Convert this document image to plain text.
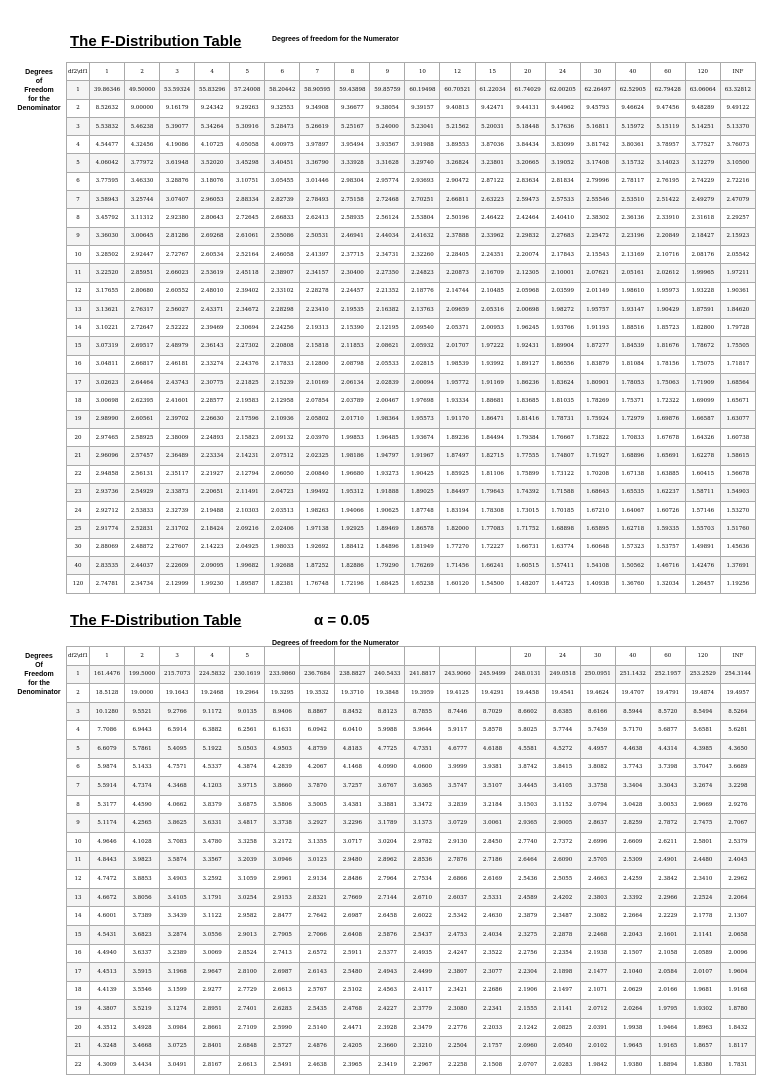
The F-Distribution Table	Degrees of freedom for the Numerator
Degrees
of
Freedom
for the
Denominator
df2\df1	1	2	3	4	5	6	7	8	9	10	12	15	20	24	30	40	60	120	INF
1	39.86346	49.50000	53.59324	55.83296	57.24008	58.20442	58.90595	59.43898	59.85759	60.19498	60.70521	61.22034	61.74029	62.00205	62.26497	62.52905	62.79428	63.06064	63.32812
2	8.52632	9.00000	9.16179	9.24342	9.29263	9.32553	9.34908	9.36677	9.38054	9.39157	9.40813	9.42471	9.44131	9.44962	9.45793	9.46624	9.47456	9.48289	9.49122
3	5.53832	5.46238	5.39077	5.34264	5.30916	5.28473	5.26619	5.25167	5.24000	5.23041	5.21562	5.20031	5.18448	5.17636	5.16811	5.15972	5.15119	5.14251	5.13370
4	4.54477	4.32456	4.19086	4.10725	4.05058	4.00975	3.97897	3.95494	3.93567	3.91988	3.89553	3.87036	3.84434	3.83099	3.81742	3.80361	3.78957	3.77527	3.76073
5	4.06042	3.77972	3.61948	3.52020	3.45298	3.40451	3.36790	3.33928	3.31628	3.29740	3.26824	3.23801	3.20665	3.19052	3.17408	3.15732	3.14023	3.12279	3.10500
6	3.77595	3.46330	3.28876	3.18076	3.10751	3.05455	3.01446	2.98304	2.95774	2.93693	2.90472	2.87122	2.83634	2.81834	2.79996	2.78117	2.76195	2.74229	2.72216
7	3.58943	3.25744	3.07407	2.96053	2.88334	2.82739	2.78493	2.75158	2.72468	2.70251	2.66811	2.63223	2.59473	2.57533	2.55546	2.53510	2.51422	2.49279	2.47079
8	3.45792	3.11312	2.92380	2.80643	2.72645	2.66833	2.62413	2.58935	2.56124	2.53804	2.50196	2.46422	2.42464	2.40410	2.38302	2.36136	2.33910	2.31618	2.29257
9	3.36030	3.00645	2.81286	2.69268	2.61061	2.55086	2.50531	2.46941	2.44034	2.41632	2.37888	2.33962	2.29832	2.27683	2.25472	2.23196	2.20849	2.18427	2.15923
10	3.28502	2.92447	2.72767	2.60534	2.52164	2.46058	2.41397	2.37715	2.34731	2.32260	2.28405	2.24351	2.20074	2.17843	2.15543	2.13169	2.10716	2.08176	2.05542
11	3.22520	2.85951	2.66023	2.53619	2.45118	2.38907	2.34157	2.30400	2.27350	2.24823	2.20873	2.16709	2.12305	2.10001	2.07621	2.05161	2.02612	1.99965	1.97211
12	3.17655	2.80680	2.60552	2.48010	2.39402	2.33102	2.28278	2.24457	2.21352	2.18776	2.14744	2.10485	2.05968	2.03599	2.01149	1.98610	1.95973	1.93228	1.90361
13	3.13621	2.76317	2.56027	2.43371	2.34672	2.28298	2.23410	2.19535	2.16382	2.13763	2.09659	2.05316	2.00698	1.98272	1.95757	1.93147	1.90429	1.87591	1.84620
14	3.10221	2.72647	2.52222	2.39469	2.30694	2.24256	2.19313	2.15390	2.12195	2.09540	2.05371	2.00953	1.96245	1.93766	1.91193	1.88516	1.85723	1.82800	1.79728
15	3.07319	2.69517	2.48979	2.36143	2.27302	2.20808	2.15818	2.11853	2.08621	2.05932	2.01707	1.97222	1.92431	1.89904	1.87277	1.84539	1.81676	1.78672	1.75505
16	3.04811	2.66817	2.46181	2.33274	2.24376	2.17833	2.12800	2.08798	2.05533	2.02815	1.98539	1.93992	1.89127	1.86556	1.83879	1.81084	1.78156	1.75075	1.71817
17	3.02623	2.64464	2.43743	2.30775	2.21825	2.15239	2.10169	2.06134	2.02839	2.00094	1.95772	1.91169	1.86236	1.83624	1.80901	1.78053	1.75063	1.71909	1.68564
18	3.00698	2.62395	2.41601	2.28577	2.19583	2.12958	2.07854	2.03789	2.00467	1.97698	1.93334	1.88681	1.83685	1.81035	1.78269	1.75371	1.72322	1.69099	1.65671
19	2.98990	2.60561	2.39702	2.26630	2.17596	2.10936	2.05802	2.01710	1.98364	1.95573	1.91170	1.86471	1.81416	1.78731	1.75924	1.72979	1.69876	1.66587	1.63077
20	2.97465	2.58925	2.38009	2.24893	2.15823	2.09132	2.03970	1.99853	1.96485	1.93674	1.89236	1.84494	1.79384	1.76667	1.73822	1.70833	1.67678	1.64326	1.60738
21	2.96096	2.57457	2.36489	2.23334	2.14231	2.07512	2.02325	1.98186	1.94797	1.91967	1.87497	1.82715	1.77555	1.74807	1.71927	1.68896	1.65691	1.62278	1.58615
22	2.94858	2.56131	2.35117	2.21927	2.12794	2.06050	2.00840	1.96680	1.93273	1.90425	1.85925	1.81106	1.75899	1.73122	1.70208	1.67138	1.63885	1.60415	1.56678
23	2.93736	2.54929	2.33873	2.20651	2.11491	2.04723	1.99492	1.95312	1.91888	1.89025	1.84497	1.79643	1.74392	1.71588	1.68643	1.65535	1.62237	1.58711	1.54903
24	2.92712	2.53833	2.32739	2.19488	2.10303	2.03513	1.98263	1.94066	1.90625	1.87748	1.83194	1.78308	1.73015	1.70185	1.67210	1.64067	1.60726	1.57146	1.53270
25	2.91774	2.52831	2.31702	2.18424	2.09216	2.02406	1.97138	1.92925	1.89469	1.86578	1.82000	1.77083	1.71752	1.68898	1.65895	1.62718	1.59335	1.55703	1.51760
30	2.88069	2.48872	2.27607	2.14223	2.04925	1.98033	1.92692	1.88412	1.84896	1.81949	1.77270	1.72227	1.66731	1.63774	1.60648	1.57323	1.53757	1.49891	1.45636
40	2.83535	2.44037	2.22609	2.09095	1.99682	1.92688	1.87252	1.82886	1.79290	1.76269	1.71456	1.66241	1.60515	1.57411	1.54108	1.50562	1.46716	1.42476	1.37691
120	2.74781	2.34734	2.12999	1.99230	1.89587	1.82381	1.76748	1.72196	1.68425	1.65238	1.60120	1.54500	1.48207	1.44723	1.40938	1.36760	1.32034	1.26457	1.19256
The F-Distribution Table	α = 0.05
Degrees of freedom for the Numerator
Degrees
Of
Freedom
for the
Denominator
df2\df1	1	2	3	4	5								20	24	30	40	60	120	INF
1	161.4476	199.5000	215.7073	224.5832	230.1619	233.9860	236.7684	238.8827	240.5433	241.8817	243.9060	245.9499	248.0131	249.0518	250.0951	251.1432	252.1957	253.2529	254.3144
2	18.5128	19.0000	19.1643	19.2468	19.2964	19.3295	19.3532	19.3710	19.3848	19.3959	19.4125	19.4291	19.4458	19.4541	19.4624	19.4707	19.4791	19.4874	19.4957
3	10.1280	9.5521	9.2766	9.1172	9.0135	8.9406	8.8867	8.8452	8.8123	8.7855	8.7446	8.7029	8.6602	8.6385	8.6166	8.5944	8.5720	8.5494	8.5264
4	7.7086	6.9443	6.5914	6.3882	6.2561	6.1631	6.0942	6.0410	5.9988	5.9644	5.9117	5.8578	5.8025	5.7744	5.7459	5.7170	5.6877	5.6581	5.6281
5	6.6079	5.7861	5.4095	5.1922	5.0503	4.9503	4.8759	4.8183	4.7725	4.7351	4.6777	4.6188	4.5581	4.5272	4.4957	4.4638	4.4314	4.3985	4.3650
6	5.9874	5.1433	4.7571	4.5337	4.3874	4.2839	4.2067	4.1468	4.0990	4.0600	3.9999	3.9381	3.8742	3.8415	3.8082	3.7743	3.7398	3.7047	3.6689
7	5.5914	4.7374	4.3468	4.1203	3.9715	3.8660	3.7870	3.7257	3.6767	3.6365	3.5747	3.5107	3.4445	3.4105	3.3758	3.3404	3.3043	3.2674	3.2298
8	5.3177	4.4590	4.0662	3.8379	3.6875	3.5806	3.5005	3.4381	3.3881	3.3472	3.2839	3.2184	3.1503	3.1152	3.0794	3.0428	3.0053	2.9669	2.9276
9	5.1174	4.2565	3.8625	3.6331	3.4817	3.3738	3.2927	3.2296	3.1789	3.1373	3.0729	3.0061	2.9365	2.9005	2.8637	2.8259	2.7872	2.7475	2.7067
10	4.9646	4.1028	3.7083	3.4780	3.3258	3.2172	3.1355	3.0717	3.0204	2.9782	2.9130	2.8450	2.7740	2.7372	2.6996	2.6609	2.6211	2.5801	2.5379
11	4.8443	3.9823	3.5874	3.3567	3.2039	3.0946	3.0123	2.9480	2.8962	2.8536	2.7876	2.7186	2.6464	2.6090	2.5705	2.5309	2.4901	2.4480	2.4045
12	4.7472	3.8853	3.4903	3.2592	3.1059	2.9961	2.9134	2.8486	2.7964	2.7534	2.6866	2.6169	2.5436	2.5055	2.4663	2.4259	2.3842	2.3410	2.2962
13	4.6672	3.8056	3.4105	3.1791	3.0254	2.9153	2.8321	2.7669	2.7144	2.6710	2.6037	2.5331	2.4589	2.4202	2.3803	2.3392	2.2966	2.2524	2.2064
14	4.6001	3.7389	3.3439	3.1122	2.9582	2.8477	2.7642	2.6987	2.6458	2.6022	2.5342	2.4630	2.3879	2.3487	2.3082	2.2664	2.2229	2.1778	2.1307
15	4.5431	3.6823	3.2874	3.0556	2.9013	2.7905	2.7066	2.6408	2.5876	2.5437	2.4753	2.4034	2.3275	2.2878	2.2468	2.2043	2.1601	2.1141	2.0658
16	4.4940	3.6337	3.2389	3.0069	2.8524	2.7413	2.6572	2.5911	2.5377	2.4935	2.4247	2.3522	2.2756	2.2354	2.1938	2.1507	2.1058	2.0589	2.0096
17	4.4513	3.5915	3.1968	2.9647	2.8100	2.6987	2.6143	2.5480	2.4943	2.4499	2.3807	2.3077	2.2304	2.1898	2.1477	2.1040	2.0584	2.0107	1.9604
18	4.4139	3.5546	3.1599	2.9277	2.7729	2.6613	2.5767	2.5102	2.4563	2.4117	2.3421	2.2686	2.1906	2.1497	2.1071	2.0629	2.0166	1.9681	1.9168
19	4.3807	3.5219	3.1274	2.8951	2.7401	2.6283	2.5435	2.4768	2.4227	2.3779	2.3080	2.2341	2.1555	2.1141	2.0712	2.0264	1.9795	1.9302	1.8780
20	4.3512	3.4928	3.0984	2.8661	2.7109	2.5990	2.5140	2.4471	2.3928	2.3479	2.2776	2.2033	2.1242	2.0825	2.0391	1.9938	1.9464	1.8963	1.8432
21	4.3248	3.4668	3.0725	2.8401	2.6848	2.5727	2.4876	2.4205	2.3660	2.3210	2.2504	2.1757	2.0960	2.0540	2.0102	1.9645	1.9165	1.8657	1.8117
22	4.3009	3.4434	3.0491	2.8167	2.6613	2.5491	2.4638	2.3965	2.3419	2.2967	2.2258	2.1508	2.0707	2.0283	1.9842	1.9380	1.8894	1.8380	1.7831
